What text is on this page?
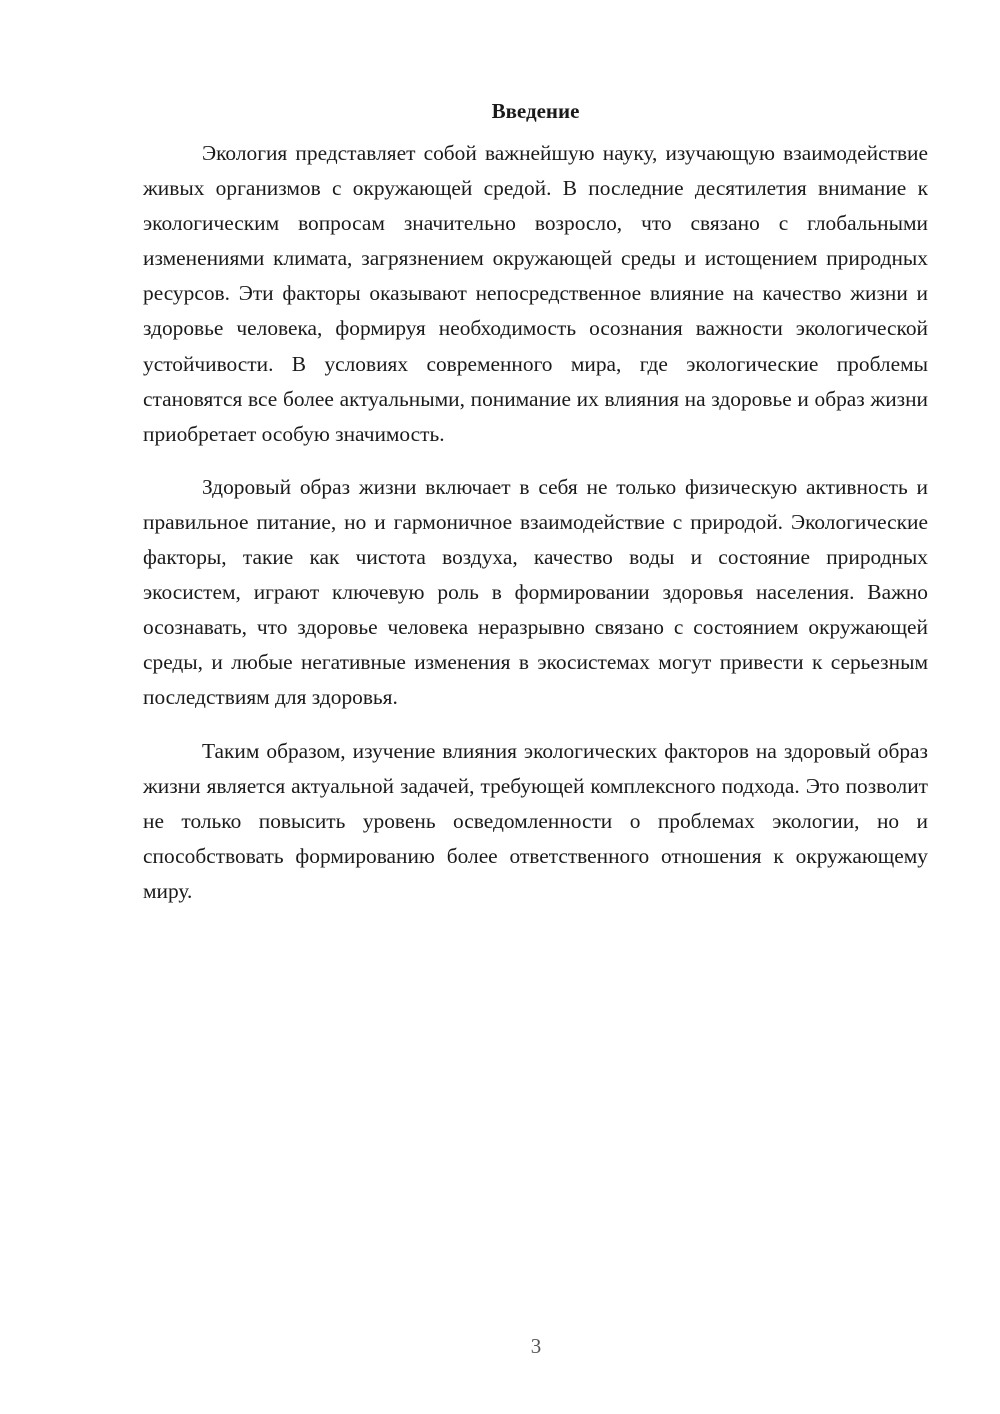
Введение

Экология представляет собой важнейшую науку, изучающую взаимодействие живых организмов с окружающей средой. В последние десятилетия внимание к экологическим вопросам значительно возросло, что связано с глобальными изменениями климата, загрязнением окружающей среды и истощением природных ресурсов. Эти факторы оказывают непосредственное влияние на качество жизни и здоровье человека, формируя необходимость осознания важности экологической устойчивости. В условиях современного мира, где экологические проблемы становятся все более актуальными, понимание их влияния на здоровье и образ жизни приобретает особую значимость.

Здоровый образ жизни включает в себя не только физическую активность и правильное питание, но и гармоничное взаимодействие с природой. Экологические факторы, такие как чистота воздуха, качество воды и состояние природных экосистем, играют ключевую роль в формировании здоровья населения. Важно осознавать, что здоровье человека неразрывно связано с состоянием окружающей среды, и любые негативные изменения в экосистемах могут привести к серьезным последствиям для здоровья.

Таким образом, изучение влияния экологических факторов на здоровый образ жизни является актуальной задачей, требующей комплексного подхода. Это позволит не только повысить уровень осведомленности о проблемах экологии, но и способствовать формированию более ответственного отношения к окружающему миру.

3
